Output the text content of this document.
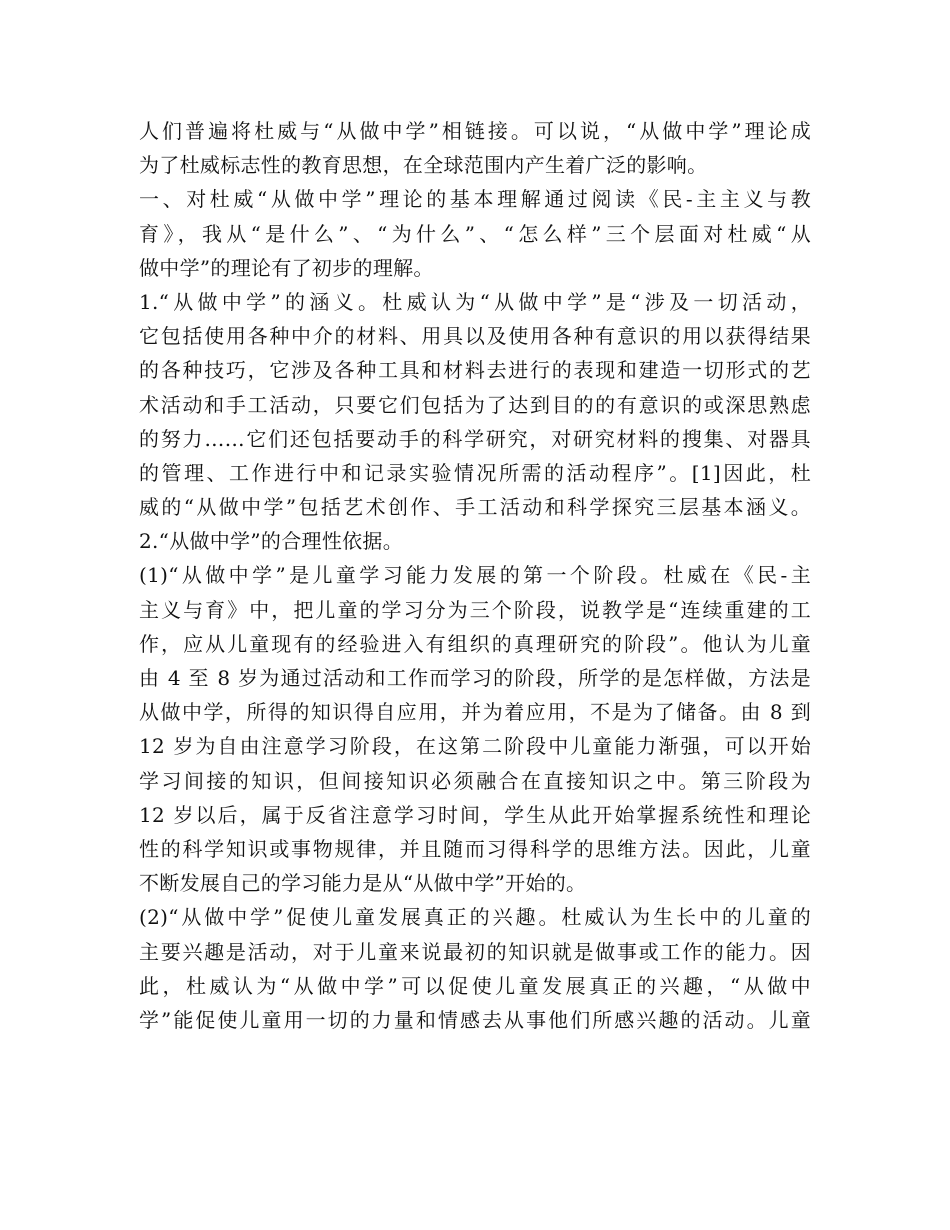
人们普遍将杜威与“从做中学”相链接。可以说，“从做中学”理论成
为了杜威标志性的教育思想，在全球范围内产生着广泛的影响。
一、对杜威“从做中学”理论的基本理解通过阅读《民-主主义与教
育》，我从“是什么”、“为什么”、“怎么样”三个层面对杜威“从
做中学”的理论有了初步的理解。
1.“从做中学”的涵义。杜威认为“从做中学”是“涉及一切活动，
它包括使用各种中介的材料、用具以及使用各种有意识的用以获得结果
的各种技巧，它涉及各种工具和材料去进行的表现和建造一切形式的艺
术活动和手工活动，只要它们包括为了达到目的的有意识的或深思熟虑
的努力……它们还包括要动手的科学研究，对研究材料的搜集、对器具
的管理、工作进行中和记录实验情况所需的活动程序”。[1]因此，杜
威的“从做中学”包括艺术创作、手工活动和科学探究三层基本涵义。
2.“从做中学”的合理性依据。
(1)“从做中学”是儿童学习能力发展的第一个阶段。杜威在《民-主
主义与育》中，把儿童的学习分为三个阶段，说教学是“连续重建的工
作，应从儿童现有的经验进入有组织的真理研究的阶段”。他认为儿童
由 4 至 8 岁为通过活动和工作而学习的阶段，所学的是怎样做，方法是
从做中学，所得的知识得自应用，并为着应用，不是为了储备。由 8 到
12 岁为自由注意学习阶段，在这第二阶段中儿童能力渐强，可以开始
学习间接的知识，但间接知识必须融合在直接知识之中。第三阶段为
12 岁以后，属于反省注意学习时间，学生从此开始掌握系统性和理论
性的科学知识或事物规律，并且随而习得科学的思维方法。因此，儿童
不断发展自己的学习能力是从“从做中学”开始的。
(2)“从做中学”促使儿童发展真正的兴趣。杜威认为生长中的儿童的
主要兴趣是活动，对于儿童来说最初的知识就是做事或工作的能力。因
此，杜威认为“从做中学”可以促使儿童发展真正的兴趣，“从做中
学”能促使儿童用一切的力量和情感去从事他们所感兴趣的活动。儿童
